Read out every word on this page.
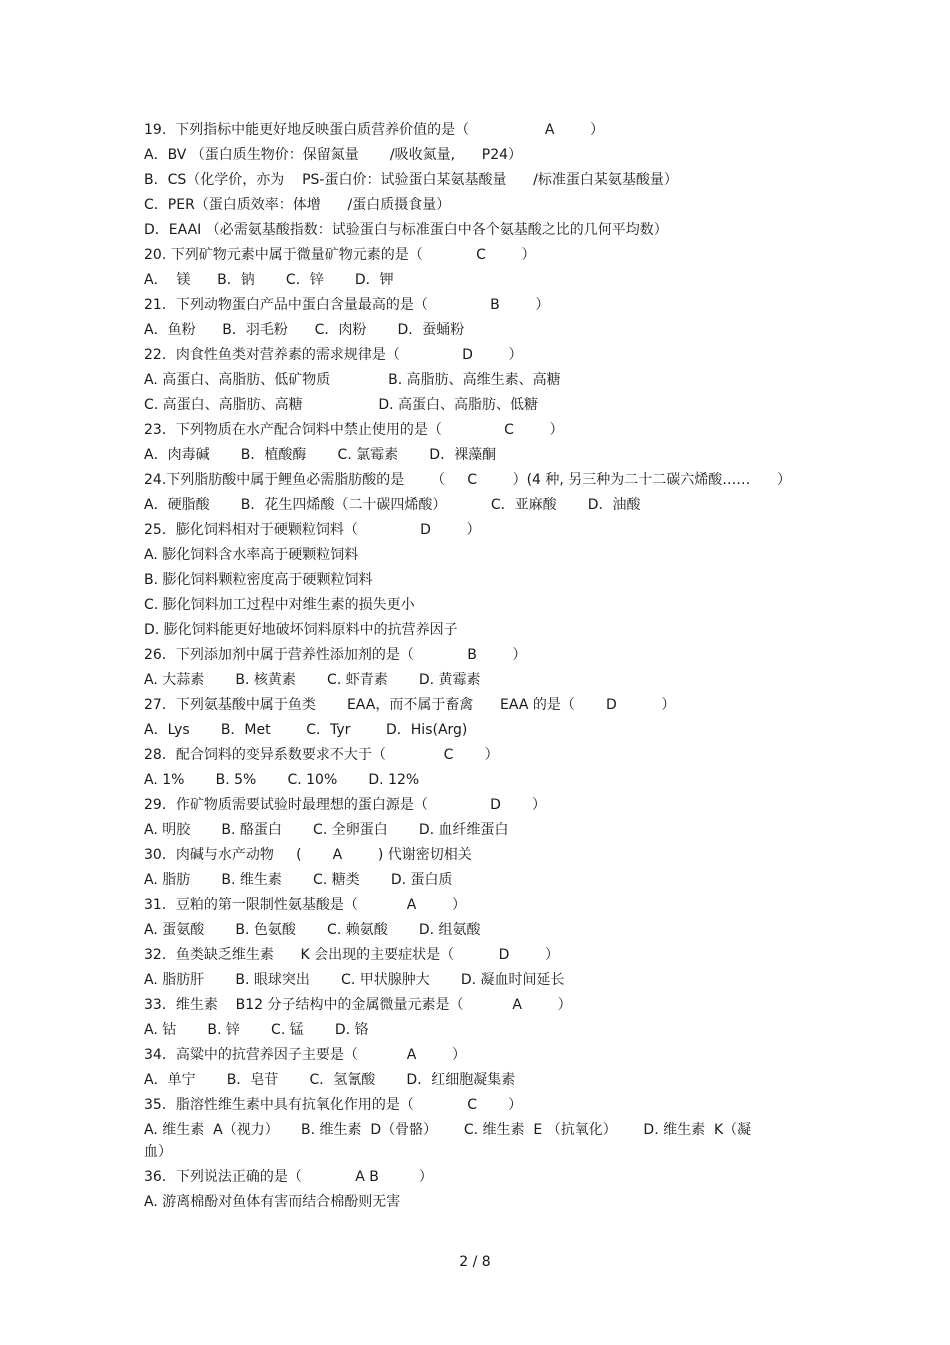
19.  下列指标中能更好地反映蛋白质营养价值的是（                 A        ）
A．BV （蛋白质生物价：保留氮量       /吸收氮量,      P24）
B．CS（化学价，亦为    PS-蛋白价：试验蛋白某氨基酸量      /标准蛋白某氨基酸量）
C．PER（蛋白质效率：体增      /蛋白质摄食量）
D．EAAI （必需氨基酸指数：试验蛋白与标准蛋白中各个氨基酸之比的几何平均数）
20. 下列矿物元素中属于微量矿物元素的是（            C        ）
A．  镁      B．钠       C．锌       D．钾
21．下列动物蛋白产品中蛋白含量最高的是（              B        ）
A．鱼粉      B．羽毛粉      C．肉粉       D．蚕蛹粉
22．肉食性鱼类对营养素的需求规律是（              D        ）
A. 高蛋白、高脂肪、低矿物质             B. 高脂肪、高维生素、高糖
C. 高蛋白、高脂肪、高糖                 D. 高蛋白、高脂肪、低糖
23．下列物质在水产配合饲料中禁止使用的是（              C        ）
A．肉毒碱       B．植酸酶       C. 氯霉素       D．裸藻酮
24.下列脂肪酸中属于鲤鱼必需脂肪酸的是      （     C        ）(4 种, 另三种为二十二碳六烯酸……      ）
A．硬脂酸       B．花生四烯酸（二十碳四烯酸）          C．亚麻酸       D．油酸
25．膨化饲料相对于硬颗粒饲料（              D        ）
A. 膨化饲料含水率高于硬颗粒饲料
B. 膨化饲料颗粒密度高于硬颗粒饲料
C. 膨化饲料加工过程中对维生素的损失更小
D. 膨化饲料能更好地破坏饲料原料中的抗营养因子
26．下列添加剂中属于营养性添加剂的是（            B        ）
A. 大蒜素       B. 核黄素       C. 虾青素       D. 黄霉素
27．下列氨基酸中属于鱼类       EAA，而不属于畜禽      EAA 的是（       D          ）
A．Lys       B．Met        C．Tyr        D．His(Arg)
28．配合饲料的变异系数要求不大于（             C       ）
A. 1%       B. 5%       C. 10%       D. 12%
29．作矿物质需要试验时最理想的蛋白源是（              D       ）
A. 明胶       B. 酪蛋白       C. 全卵蛋白       D. 血纤维蛋白
30．肉碱与水产动物     (       A        ) 代谢密切相关
A. 脂肪       B. 维生素       C. 糖类       D. 蛋白质
31．豆粕的第一限制性氨基酸是（           A        ）
A. 蛋氨酸       B. 色氨酸       C. 赖氨酸       D. 组氨酸
32．鱼类缺乏维生素      K 会出现的主要症状是（          D        ）
A. 脂肪肝       B. 眼球突出       C. 甲状腺肿大       D. 凝血时间延长
33．维生素    B12 分子结构中的金属微量元素是（           A        ）
A. 钴       B. 锌       C. 锰       D. 铬
34．高粱中的抗营养因子主要是（           A        ）
A．单宁       B．皂苷       C．氢氰酸       D．红细胞凝集素
35．脂溶性维生素中具有抗氧化作用的是（            C       ）
A. 维生素  A（视力）     B. 维生素  D（骨骼）      C. 维生素  E （抗氧化）      D. 维生素  K（凝
血）
36．下列说法正确的是（            A B         ）
A. 游离棉酚对鱼体有害而结合棉酚则无害
2 / 8
